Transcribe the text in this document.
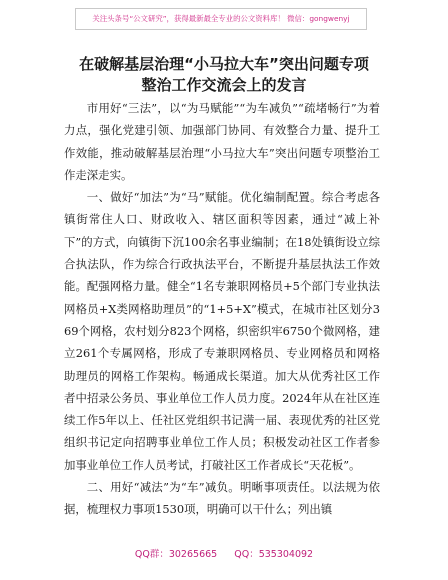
关注头条号“公文研究”，获得最新最全专业的公文资料库！ 微信：gongwenyj
在破解基层治理“小马拉大车”突出问题专项
整治工作交流会上的发言

市用好“三法”，以“为马赋能”“为车减负”“疏堵畅行”为着力点，强化党建引领、加强部门协同、有效整合力量、提升工作效能，推动破解基层治理“小马拉大车”突出问题专项整治工作走深走实。

一、做好“加法”为“马”赋能。优化编制配置。综合考虑各镇街常住人口、财政收入、辖区面积等因素，通过“减上补下”的方式，向镇街下沉100余名事业编制；在18处镇街设立综合执法队，作为综合行政执法平台，不断提升基层执法工作效能。配强网格力量。健全“1名专兼职网格员+5个部门专业执法网格员+X类网格助理员”的“1+5+X”模式，在城市社区划分369个网格，农村划分823个网格，织密织牢6750个微网格，建立261个专属网格，形成了专兼职网格员、专业网格员和网格助理员的网格工作架构。畅通成长渠道。加大从优秀社区工作者中招录公务员、事业单位工作人员力度。2024年从在社区连续工作5年以上、任社区党组织书记满一届、表现优秀的社区党组织书记定向招聘事业单位工作人员；积极发动社区工作者参加事业单位工作人员考试，打破社区工作者成长“天花板”。

二、用好“减法”为“车”减负。明晰事项责任。以法规为依据，梳理权力事项1530项，明确可以干什么；列出镇

QQ群：30265665 QQ：535304092
